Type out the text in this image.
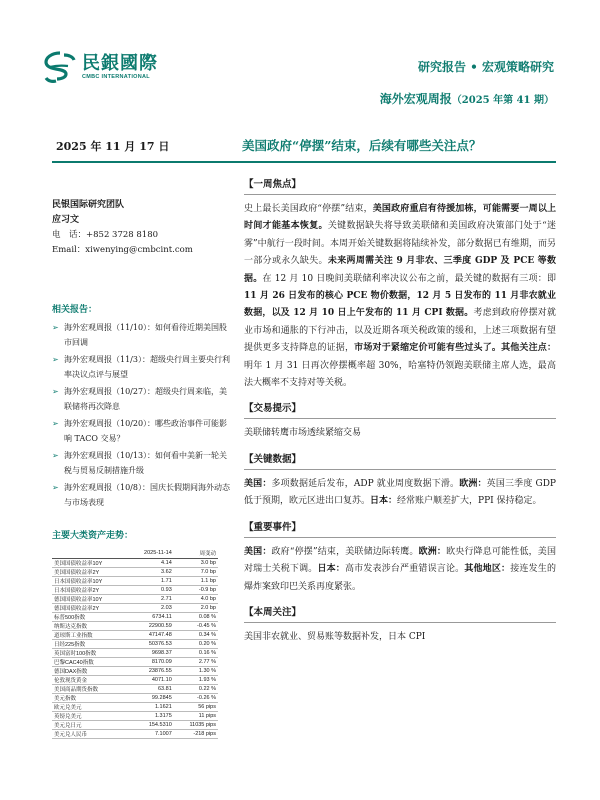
民銀國際
CMBC INTERNATIONAL
研究报告 • 宏观策略研究
海外宏观周报（2025 年第 41 期）
2025 年 11 月 17 日	美国政府“停摆”结束，后续有哪些关注点？
民银国际研究团队
应习文
电　话：+852 3728 8180
Email：xiwenying@cmbcint.com
相关报告：
➢ 海外宏观周报（11/10）：如何看待近期美国股市回调
➢ 海外宏观周报（11/3）：超级央行周主要央行利率决议点评与展望
➢ 海外宏观周报（10/27）：超级央行周来临，美联储将再次降息
➢ 海外宏观周报（10/20）：哪些政治事件可能影响 TACO 交易？
➢ 海外宏观周报（10/13）：如何看中美新一轮关税与贸易反制措施升级
➢ 海外宏观周报（10/8）：国庆长假期间海外动态与市场表现
主要大类资产走势：
	2025-11-14	周变动
美国国债收益率10Y	4.14	3.0 bp
美国国债收益率2Y	3.62	7.0 bp
日本国债收益率10Y	1.71	1.1 bp
日本国债收益率2Y	0.93	-0.9 bp
德国国债收益率10Y	2.71	4.0 bp
德国国债收益率2Y	2.03	2.0 bp
标普500指数	6734.11	0.08 %
纳斯达克指数	22900.59	-0.45 %
道琼斯工业指数	47147.48	0.34 %
日经225指数	50376.53	0.20 %
英国富时100指数	9698.37	0.16 %
巴黎CAC40指数	8170.09	2.77 %
德国DAX指数	23876.55	1.30 %
伦敦现货黄金	4071.10	1.93 %
美国商品期货指数	63.81	0.22 %
美元指数	99.2845	-0.26 %
欧元兑美元	1.1621	56 pips
英镑兑美元	1.3175	11 pips
美元兑日元	154.5310	11035 pips
美元兑人民币	7.1007	-218 pips
【一周焦点】

史上最长美国政府“停摆”结束，美国政府重启有待援加栋，可能需要一周以上时间才能基本恢复。关键数据缺失将导致美联储和美国政府决策部门处于“迷雾”中航行一段时间。本周开始关键数据将陆续补发，部分数据已有维期，而另一部分或永久缺失。未来两周需关注 9 月非农、三季度 GDP 及 PCE 等数据。在 12 月 10 日晚间美联储利率决议公布之前，最关键的数据有三项：即 11 月 26 日发布的核心 PCE 物价数据，12 月 5 日发布的 11 月非农就业数据，以及 12 月 10 日上午发布的 11 月 CPI 数据。考虑到政府停摆对就业市场和通胀的下行冲击，以及近期各项关税政策的缓和，上述三项数据有望提供更多支持降息的证据，市场对于紧缩定价可能有些过头了。其他关注点：明年 1 月 31 日再次停摆概率超 30%，哈塞特仍领跑美联储主席人选，最高法大概率不支持对等关税。

【交易提示】

美联储转鹰市场透续紧缩交易

【关键数据】

美国：多项数据延后发布，ADP 就业周度数据下滑。欧洲：英国三季度 GDP 低于预期，欧元区进出口复苏。日本：经常账户顺差扩大，PPI 保持稳定。

【重要事件】

美国：政府“停摆”结束，美联储边际转鹰。欧洲：欧央行降息可能性低，美国对瑞士关税下调。日本：高市发表涉台严重错误言论。其他地区：接连发生的爆炸案致印巴关系再度紧张。

【本周关注】

美国非农就业、贸易账等数据补发，日本 CPI
